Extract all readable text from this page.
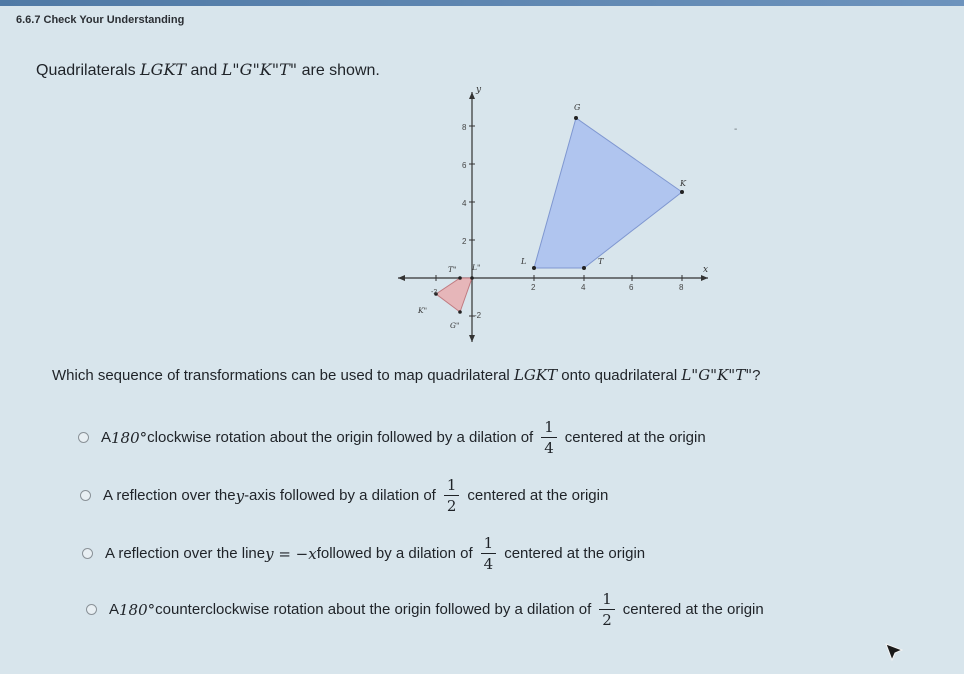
6.6.7 Check Your Understanding
Quadrilaterals LGKT and L"G"K"T" are shown.
-
x
y
2	4	6	8
8
6
4
2
-2
L
G
K
T
T" L"
G"
K"
-2
Which sequence of transformations can be used to map quadrilateral LGKT onto quadrilateral L"G"K"T"?
A 180° clockwise rotation about the origin followed by a dilation of $\frac{1}{4}$ centered at the origin
A reflection over the y -axis followed by a dilation of $\frac{1}{2}$ centered at the origin
A reflection over the line y = −x followed by a dilation of $\frac{1}{4}$ centered at the origin
A 180° counterclockwise rotation about the origin followed by a dilation of $\frac{1}{2}$ centered at the origin
